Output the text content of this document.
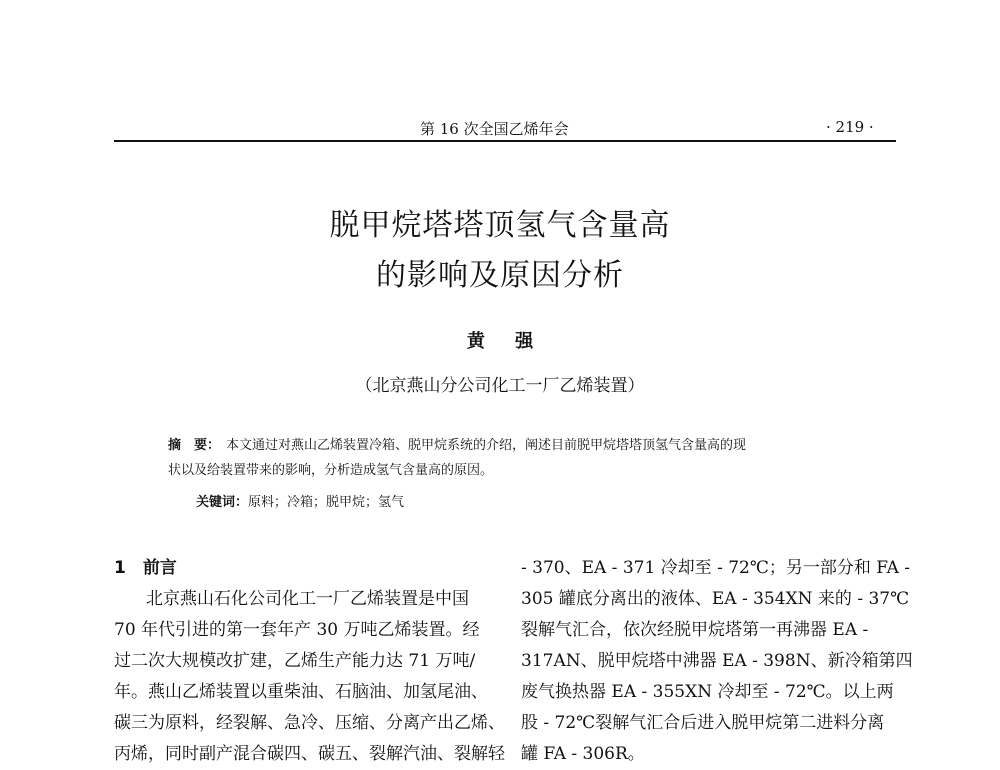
第 16 次全国乙烯年会	· 219 ·
脱甲烷塔塔顶氢气含量高
的影响及原因分析
黄 强
（北京燕山分公司化工一厂乙烯装置）
摘　要： 本文通过对燕山乙烯装置冷箱、脱甲烷系统的介绍，阐述目前脱甲烷塔塔顶氢气含量高的现
状以及给装置带来的影响，分析造成氢气含量高的原因。
关键词：原料；冷箱；脱甲烷；氢气

1　前言

北京燕山石化公司化工一厂乙烯装置是中国

70 年代引进的第一套年产 30 万吨乙烯装置。经

过二次大规模改扩建，乙烯生产能力达 71 万吨/

年。燕山乙烯装置以重柴油、石脑油、加氢尾油、

碳三为原料，经裂解、急冷、压缩、分离产出乙烯、

丙烯，同时副产混合碳四、碳五、裂解汽油、裂解轻

- 370、EA - 371 冷却至 - 72℃；另一部分和 FA -

305 罐底分离出的液体、EA - 354XN 来的 - 37℃

裂解气汇合，依次经脱甲烷塔第一再沸器 EA -

317AN、脱甲烷塔中沸器 EA - 398N、新冷箱第四

废气换热器 EA - 355XN 冷却至 - 72℃。以上两

股 - 72℃裂解气汇合后进入脱甲烷第二进料分离

罐 FA - 306R。
